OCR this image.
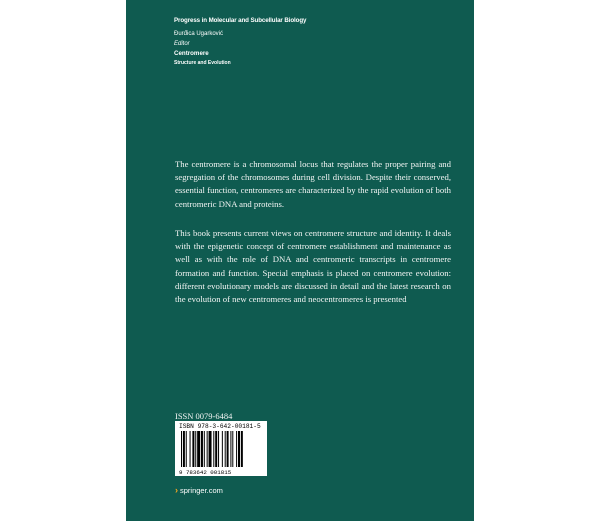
Progress in Molecular and Subcellular Biology
Đurđica Ugarković
Editor
Centromere
Structure and Evolution

The centromere is a chromosomal locus that regulates the proper pairing and segregation of the chromosomes during cell division. Despite their conserved, essential function, centromeres are characterized by the rapid evolution of both centromeric DNA and proteins.

This book presents current views on centromere structure and identity. It deals with the epigenetic concept of centromere establishment and maintenance as well as with the role of DNA and centromeric transcripts in centromere formation and function. Special emphasis is placed on centromere evolution: different evolutionary models are discussed in detail and the latest research on the evolution of new centromeres and neocentromeres is presented

ISSN 0079-6484
ISBN 978-3-642-00181-5
9 783642 001815
› springer.com
